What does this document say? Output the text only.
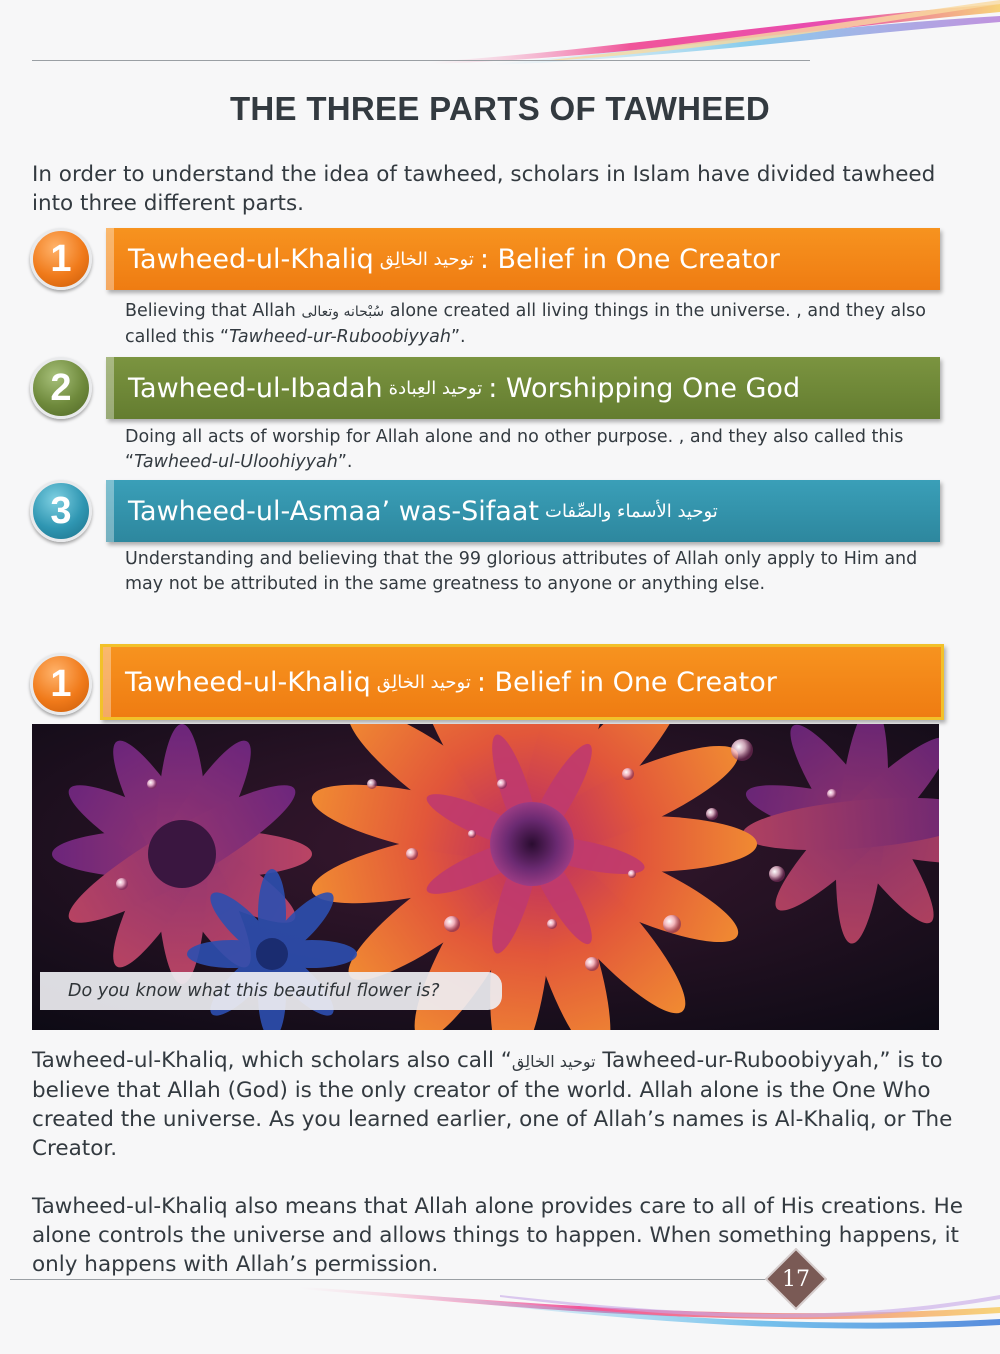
THE THREE PARTS OF TAWHEED

In order to understand the idea of tawheed, scholars in Islam have divided tawheed into three different parts.

1 Tawheed-ul-Khaliq توحيد الخالِق : Belief in One Creator

Believing that Allah سُبْحانه وتعالى alone created all living things in the universe. , and they also called this “Tawheed-ur-Ruboobiyyah”.

2 Tawheed-ul-Ibadah توحيد العِبادة : Worshipping One God

Doing all acts of worship for Allah alone and no other purpose. , and they also called this “Tawheed-ul-Uloohiyyah”.

3 Tawheed-ul-Asmaa’ was-Sifaat توحيد الأسماء والصِّفات

Understanding and believing that the 99 glorious attributes of Allah only apply to Him and may not be attributed in the same greatness to anyone or anything else.

1 Tawheed-ul-Khaliq توحيد الخالِق : Belief in One Creator
Do you know what this beautiful flower is?

Tawheed-ul-Khaliq, which scholars also call “توحيد الخالِق Tawheed-ur-Ruboobiyyah,” is to believe that Allah (God) is the only creator of the world. Allah alone is the One Who created the universe. As you learned earlier, one of Allah’s names is Al-Khaliq, or The Creator.

Tawheed-ul-Khaliq also means that Allah alone provides care to all of His creations. He alone controls the universe and allows things to happen. When something happens, it only happens with Allah’s permission.

17
